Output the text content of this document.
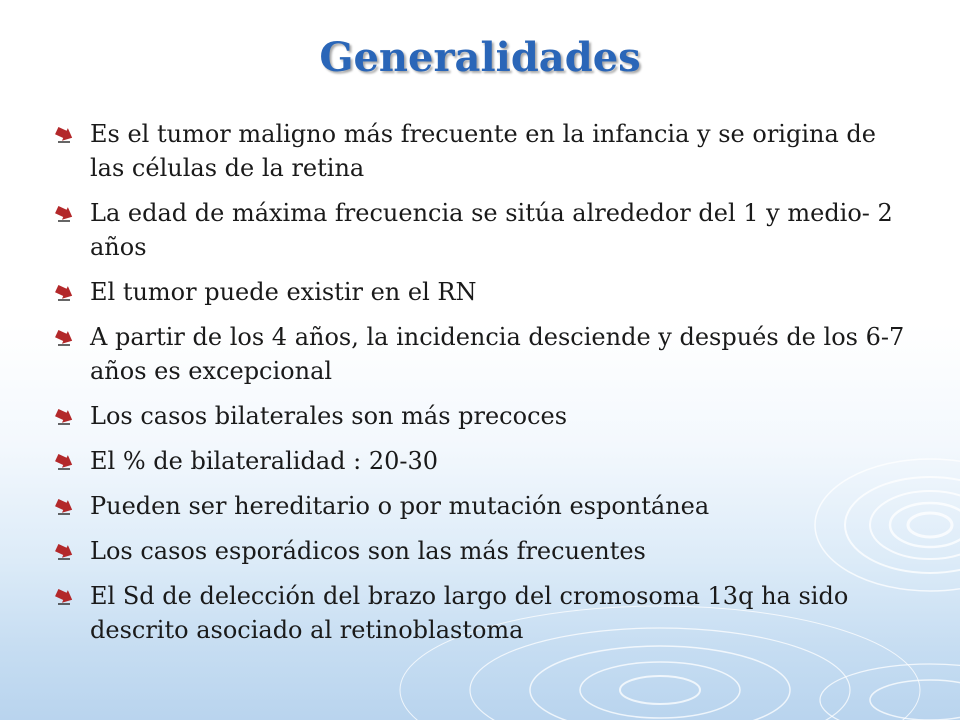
Generalidades
Es el tumor maligno más frecuente en la infancia y se origina de las células de la retina
La edad de máxima frecuencia se sitúa alrededor del 1 y medio- 2 años
El tumor puede existir en el RN
A partir de los 4 años, la incidencia desciende y después de los 6-7 años es excepcional
Los casos bilaterales son más precoces
El % de bilateralidad : 20-30
Pueden ser hereditario o por mutación espontánea
Los casos esporádicos son las más frecuentes
El Sd de delección del brazo largo del cromosoma 13q ha sido descrito asociado al retinoblastoma
